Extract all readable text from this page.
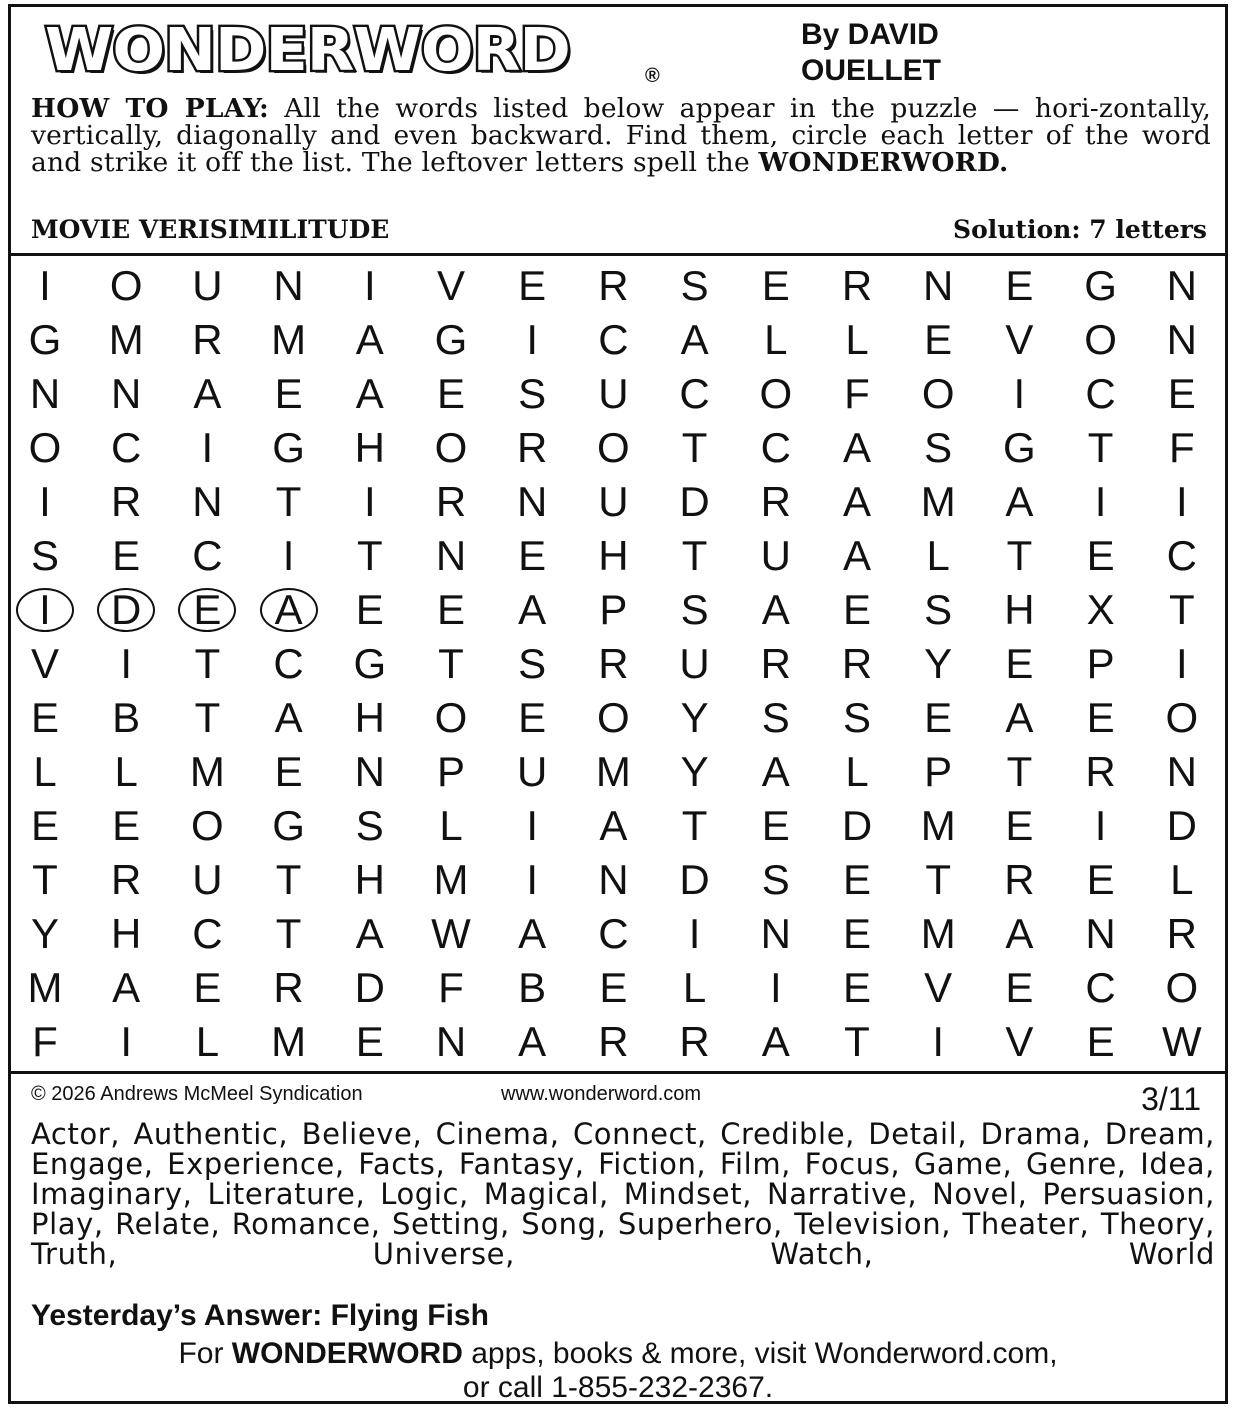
WONDERWORD	®
By DAVID
OUELLET
HOW TO PLAY: All the words listed below appear in the puzzle — hori-zontally, vertically, diagonally and even backward. Find them, circle each letter of the word and strike it off the list. The leftover letters spell the WONDERWORD.
MOVIE VERISIMILITUDE	Solution: 7 letters
I	O	U	N	I	V	E	R	S	E	R	N	E	G	N
G	M	R	M	A	G	I	C	A	L	L	E	V	O	N
N	N	A	E	A	E	S	U	C	O	F	O	I	C	E
O	C	I	G	H	O	R	O	T	C	A	S	G	T	F
I	R	N	T	I	R	N	U	D	R	A	M	A	I	I
S	E	C	I	T	N	E	H	T	U	A	L	T	E	C
I	D	E	A	E	E	A	P	S	A	E	S	H	X	T
V	I	T	C	G	T	S	R	U	R	R	Y	E	P	I
E	B	T	A	H	O	E	O	Y	S	S	E	A	E	O
L	L	M	E	N	P	U	M	Y	A	L	P	T	R	N
E	E	O	G	S	L	I	A	T	E	D	M	E	I	D
T	R	U	T	H	M	I	N	D	S	E	T	R	E	L
Y	H	C	T	A	W	A	C	I	N	E	M	A	N	R
M	A	E	R	D	F	B	E	L	I	E	V	E	C	O
F	I	L	M	E	N	A	R	R	A	T	I	V	E	W
© 2026 Andrews McMeel Syndication	www.wonderword.com	3/11
Actor, Authentic, Believe, Cinema, Connect, Credible, Detail, Drama, Dream, Engage, Experience, Facts, Fantasy, Fiction, Film, Focus, Game, Genre, Idea, Imaginary, Literature, Logic, Magical, Mindset, Narrative, Novel, Persuasion, Play, Relate, Romance, Setting, Song, Superhero, Television, Theater, Theory, Truth, Universe, Watch, World
Yesterday’s Answer: Flying Fish
For WONDERWORD apps, books & more, visit Wonderword.com,
or call 1-855-232-2367.
